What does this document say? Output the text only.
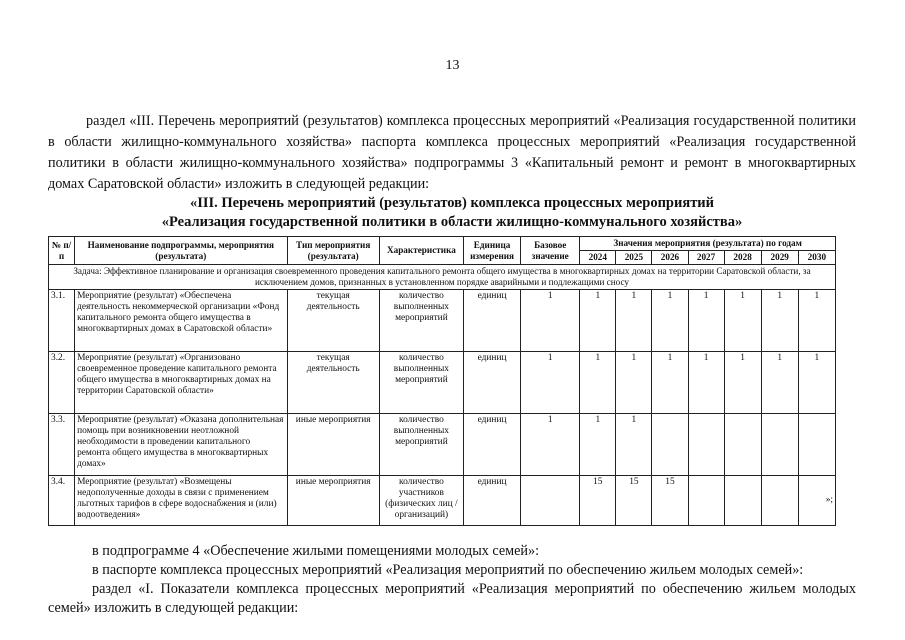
13
раздел «III. Перечень мероприятий (результатов) комплекса процессных мероприятий «Реализация государственной политики в области жилищно-коммунального хозяйства» паспорта комплекса процессных мероприятий «Реализация государственной политики в области жилищно-коммунального хозяйства» подпрограммы 3 «Капитальный ремонт и ремонт в многоквартирных домах Саратовской области» изложить в следующей редакции:
«III. Перечень мероприятий (результатов) комплекса процессных мероприятий
«Реализация государственной политики в области жилищно-коммунального хозяйства»
№ п/п	Наименование подпрограммы, мероприятия (результата)	Тип мероприятия (результата)	Характеристика	Единица измерения	Базовое значение	Значения мероприятия (результата) по годам						
						2024	2025	2026	2027	2028	2029	2030
Задача: Эффективное планирование и организация своевременного проведения капитального ремонта общего имущества в многоквартирных домах на территории Саратовской области, за исключением домов, признанных в установленном порядке аварийными и подлежащими сносу												
3.1.	Мероприятие (результат) «Обеспечена деятельность некоммерческой организации «Фонд капитального ремонта общего имущества в многоквартирных домах в Саратовской области»	текущая деятельность	количество выполненных мероприятий	единиц	1	1	1	1	1	1	1	1
3.2.	Мероприятие (результат) «Организовано своевременное проведение капитального ремонта общего имущества в многоквартирных домах на территории Саратовской области»	текущая деятельность	количество выполненных мероприятий	единиц	1	1	1	1	1	1	1	1
3.3.	Мероприятие (результат) «Оказана дополнительная помощь при возникновении неотложной необходимости в проведении капитального ремонта общего имущества в многоквартирных домах»	иные мероприятия	количество выполненных мероприятий	единиц	1	1	1					
3.4.	Мероприятие (результат) «Возмещены недополученные доходы в связи с применением льготных тарифов в сфере водоснабжения и (или) водоотведения»	иные мероприятия	количество участников (физических лиц / организаций)	единиц		15	15	15				»;

в подпрограмме 4 «Обеспечение жилыми помещениями молодых семей»:

в паспорте комплекса процессных мероприятий «Реализация мероприятий по обеспечению жильем молодых семей»:

раздел «I. Показатели комплекса процессных мероприятий «Реализация мероприятий по обеспечению жильем молодых семей» изложить в следующей редакции:
